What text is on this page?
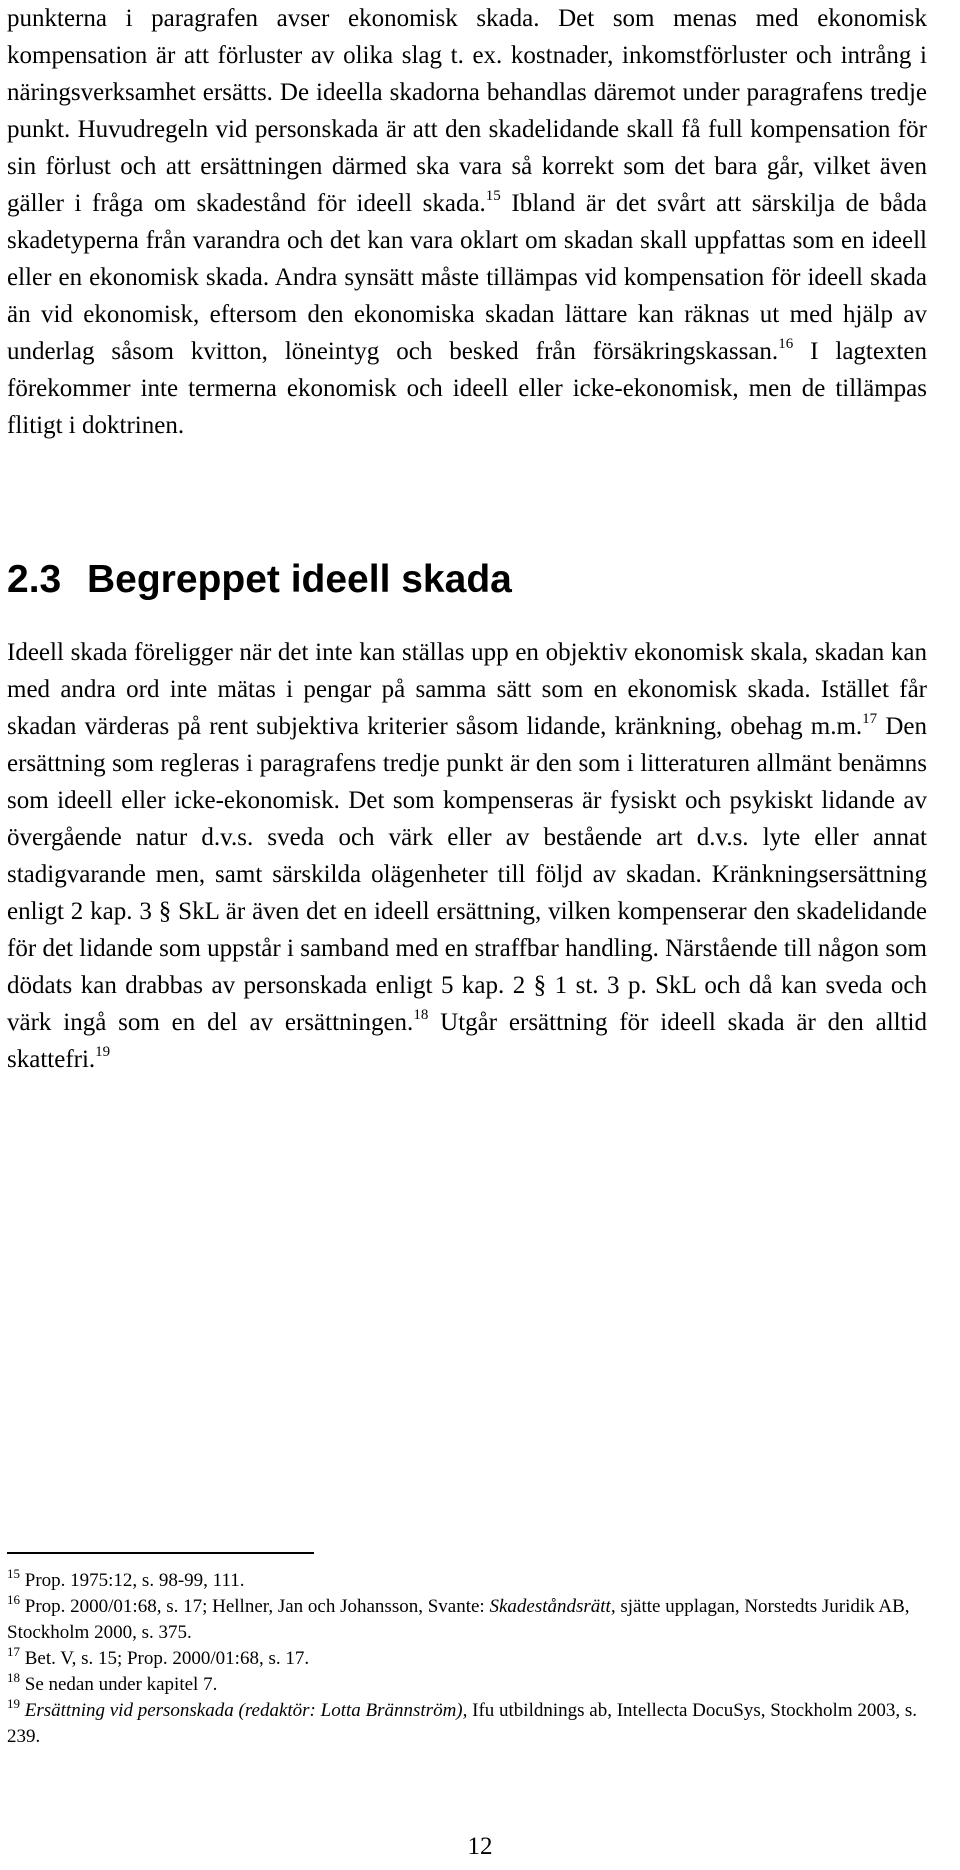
punkterna i paragrafen avser ekonomisk skada. Det som menas med ekonomisk kompensation är att förluster av olika slag t. ex. kostnader, inkomstförluster och intrång i näringsverksamhet ersätts. De ideella skadorna behandlas däremot under paragrafens tredje punkt. Huvudregeln vid personskada är att den skadelidande skall få full kompensation för sin förlust och att ersättningen därmed ska vara så korrekt som det bara går, vilket även gäller i fråga om skadestånd för ideell skada.$^{15}$ Ibland är det svårt att särskilja de båda skadetyperna från varandra och det kan vara oklart om skadan skall uppfattas som en ideell eller en ekonomisk skada. Andra synsätt måste tillämpas vid kompensation för ideell skada än vid ekonomisk, eftersom den ekonomiska skadan lättare kan räknas ut med hjälp av underlag såsom kvitton, löneintyg och besked från försäkringskassan.$^{16}$ I lagtexten förekommer inte termerna ekonomisk och ideell eller icke-ekonomisk, men de tillämpas flitigt i doktrinen.

2.3 Begreppet ideell skada

Ideell skada föreligger när det inte kan ställas upp en objektiv ekonomisk skala, skadan kan med andra ord inte mätas i pengar på samma sätt som en ekonomisk skada. Istället får skadan värderas på rent subjektiva kriterier såsom lidande, kränkning, obehag m.m.$^{17}$ Den ersättning som regleras i paragrafens tredje punkt är den som i litteraturen allmänt benämns som ideell eller icke-ekonomisk. Det som kompenseras är fysiskt och psykiskt lidande av övergående natur d.v.s. sveda och värk eller av bestående art d.v.s. lyte eller annat stadigvarande men, samt särskilda olägenheter till följd av skadan. Kränkningsersättning enligt 2 kap. 3 § SkL är även det en ideell ersättning, vilken kompenserar den skadelidande för det lidande som uppstår i samband med en straffbar handling. Närstående till någon som dödats kan drabbas av personskada enligt 5 kap. 2 § 1 st. 3 p. SkL och då kan sveda och värk ingå som en del av ersättningen.$^{18}$ Utgår ersättning för ideell skada är den alltid skattefri.$^{19}$

$^{15}$ Prop. 1975:12, s. 98-99, 111.

$^{16}$ Prop. 2000/01:68, s. 17; Hellner, Jan och Johansson, Svante: Skadeståndsrätt, sjätte upplagan, Norstedts Juridik AB, Stockholm 2000, s. 375.

$^{17}$ Bet. V, s. 15; Prop. 2000/01:68, s. 17.

$^{18}$ Se nedan under kapitel 7.

$^{19}$ Ersättning vid personskada (redaktör: Lotta Brännström), Ifu utbildnings ab, Intellecta DocuSys, Stockholm 2003, s. 239.

12
